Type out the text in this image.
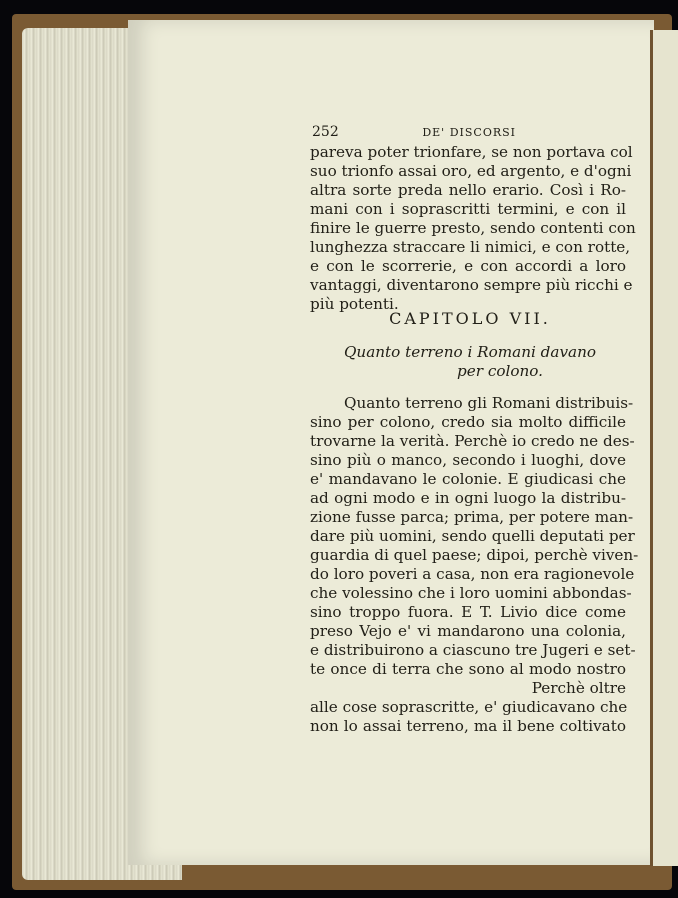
252	DE' DISCORSI
pareva poter trionfare, se non portava col
suo trionfo assai oro, ed argento, e d'ogni
altra sorte preda nello erario. Così i Ro-
mani con i soprascritti termini, e con il
finire le guerre presto, sendo contenti con
lunghezza straccare li nimici, e con rotte,
e con le scorrerie, e con accordi a loro
vantaggi, diventarono sempre più ricchi e
più potenti.
CAPITOLO VII.
Quanto terreno i Romani davano
per colono.
Quanto terreno gli Romani distribuis-
sino per colono, credo sia molto difficile
trovarne la verità. Perchè io credo ne des-
sino più o manco, secondo i luoghi, dove
e' mandavano le colonie. E giudicasi che
ad ogni modo e in ogni luogo la distribu-
zione fusse parca; prima, per potere man-
dare più uomini, sendo quelli deputati per
guardia di quel paese; dipoi, perchè viven-
do loro poveri a casa, non era ragionevole
che volessino che i loro uomini abbondas-
sino troppo fuora. E T. Livio dice come
preso Vejo e' vi mandarono una colonia,
e distribuirono a ciascuno tre Jugeri e set-
te once di terra che sono al modo nostro
Perchè oltre
alle cose soprascritte, e' giudicavano che
non lo assai terreno, ma il bene coltivato
